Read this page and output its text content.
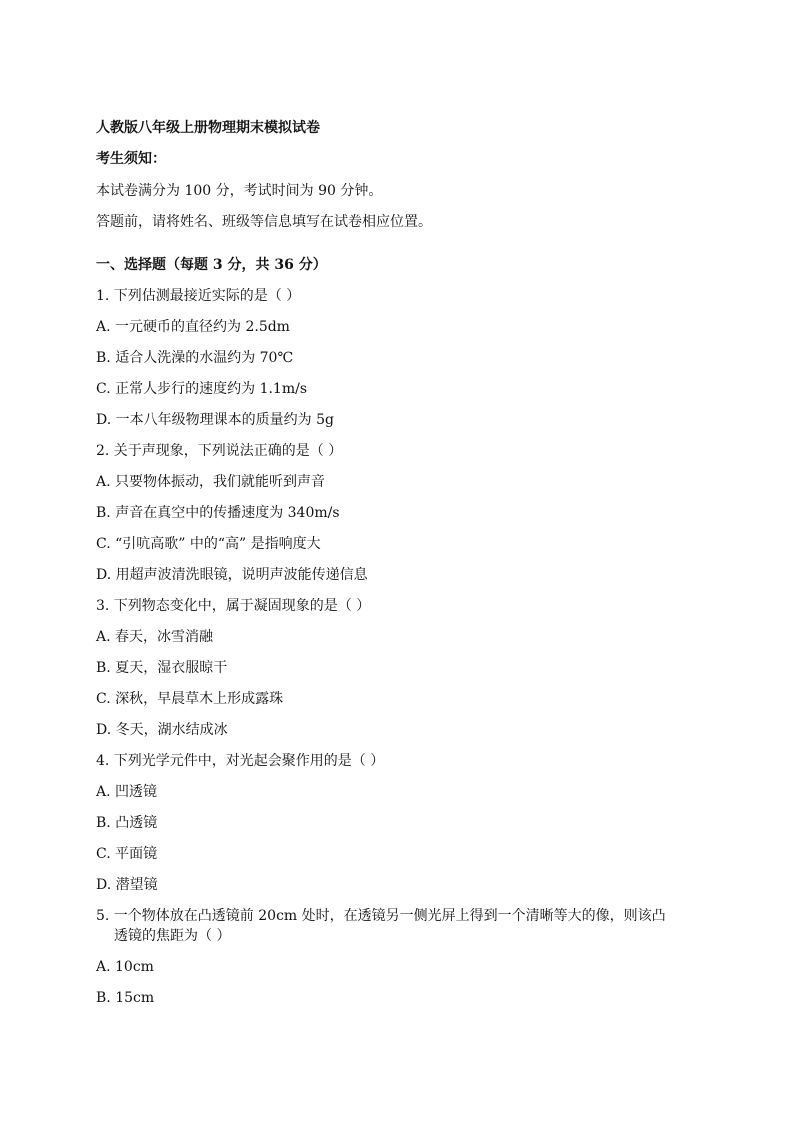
人教版八年级上册物理期末模拟试卷
考生须知：
本试卷满分为 100 分，考试时间为 90 分钟。
答题前，请将姓名、班级等信息填写在试卷相应位置。
一、选择题（每题 3 分，共 36 分）
1. 下列估测最接近实际的是（ ）
A. 一元硬币的直径约为 2.5dm
B. 适合人洗澡的水温约为 70℃
C. 正常人步行的速度约为 1.1m/s
D. 一本八年级物理课本的质量约为 5g
2. 关于声现象，下列说法正确的是（ ）
A. 只要物体振动，我们就能听到声音
B. 声音在真空中的传播速度为 340m/s
C. “引吭高歌” 中的“高” 是指响度大
D. 用超声波清洗眼镜，说明声波能传递信息
3. 下列物态变化中，属于凝固现象的是（ ）
A. 春天，冰雪消融
B. 夏天，湿衣服晾干
C. 深秋，早晨草木上形成露珠
D. 冬天，湖水结成冰
4. 下列光学元件中，对光起会聚作用的是（ ）
A. 凹透镜
B. 凸透镜
C. 平面镜
D. 潜望镜
5. 一个物体放在凸透镜前 20cm 处时，在透镜另一侧光屏上得到一个清晰等大的像，则该凸
透镜的焦距为（ ）
A. 10cm
B. 15cm
